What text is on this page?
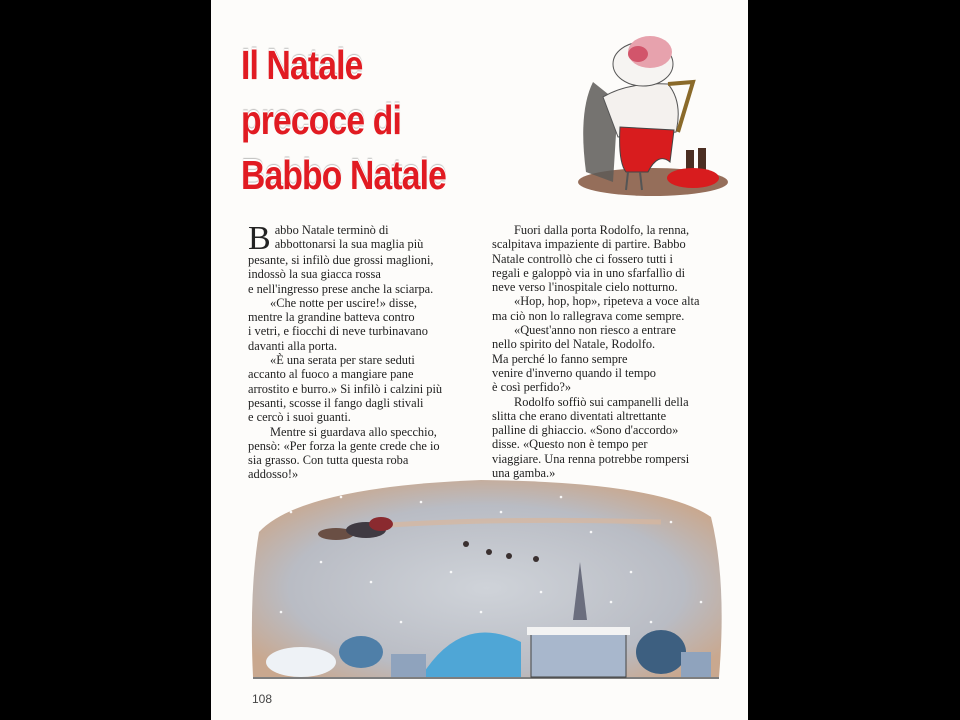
Il Natale
precoce di
Babbo Natale

B abbo Natale terminò di
abbottonarsi la sua maglia più
pesante, si infilò due grossi maglioni,
indossò la sua giacca rossa
e nell'ingresso prese anche la sciarpa.

«Che notte per uscire!» disse,
mentre la grandine batteva contro
i vetri, e fiocchi di neve turbinavano
davanti alla porta.

«È una serata per stare seduti
accanto al fuoco a mangiare pane
arrostito e burro.» Si infilò i calzini più
pesanti, scosse il fango dagli stivali
e cercò i suoi guanti.

Mentre si guardava allo specchio,
pensò: «Per forza la gente crede che io
sia grasso. Con tutta questa roba
addosso!»

Fuori dalla porta Rodolfo, la renna,
scalpitava impaziente di partire. Babbo
Natale controllò che ci fossero tutti i
regali e galoppò via in uno sfarfallìo di
neve verso l'inospitale cielo notturno.

«Hop, hop, hop», ripeteva a voce alta
ma ciò non lo rallegrava come sempre.

«Quest'anno non riesco a entrare
nello spirito del Natale, Rodolfo.
Ma perché lo fanno sempre
venire d'inverno quando il tempo
è così perfido?»

Rodolfo soffiò sui campanelli della
slitta che erano diventati altrettante
palline di ghiaccio. «Sono d'accordo»
disse. «Questo non è tempo per
viaggiare. Una renna potrebbe rompersi
una gamba.»

108
